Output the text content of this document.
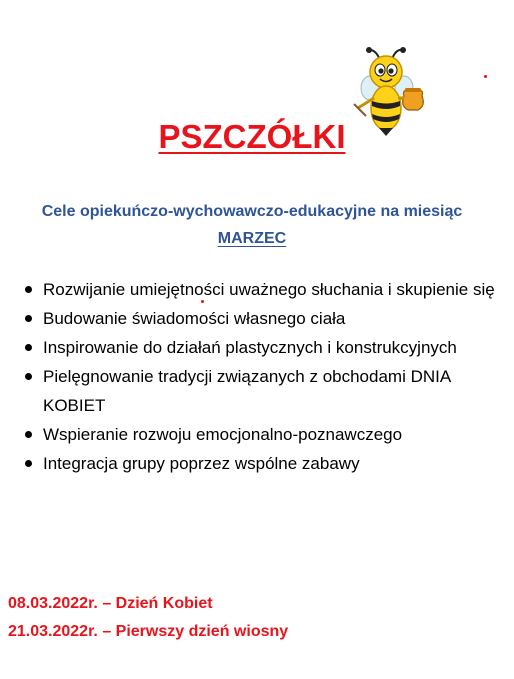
PSZCZÓŁKI
Cele opiekuńczo-wychowawczo-edukacyjne na miesiąc
MARZEC
Rozwijanie umiejętności uważnego słuchania i skupienie się
Budowanie świadomości własnego ciała
Inspirowanie do działań plastycznych i konstrukcyjnych
Pielęgnowanie tradycji związanych z obchodami DNIA KOBIET
Wspieranie rozwoju emocjonalno-poznawczego
Integracja grupy poprzez wspólne zabawy
08.03.2022r. – Dzień Kobiet
21.03.2022r. – Pierwszy dzień wiosny
